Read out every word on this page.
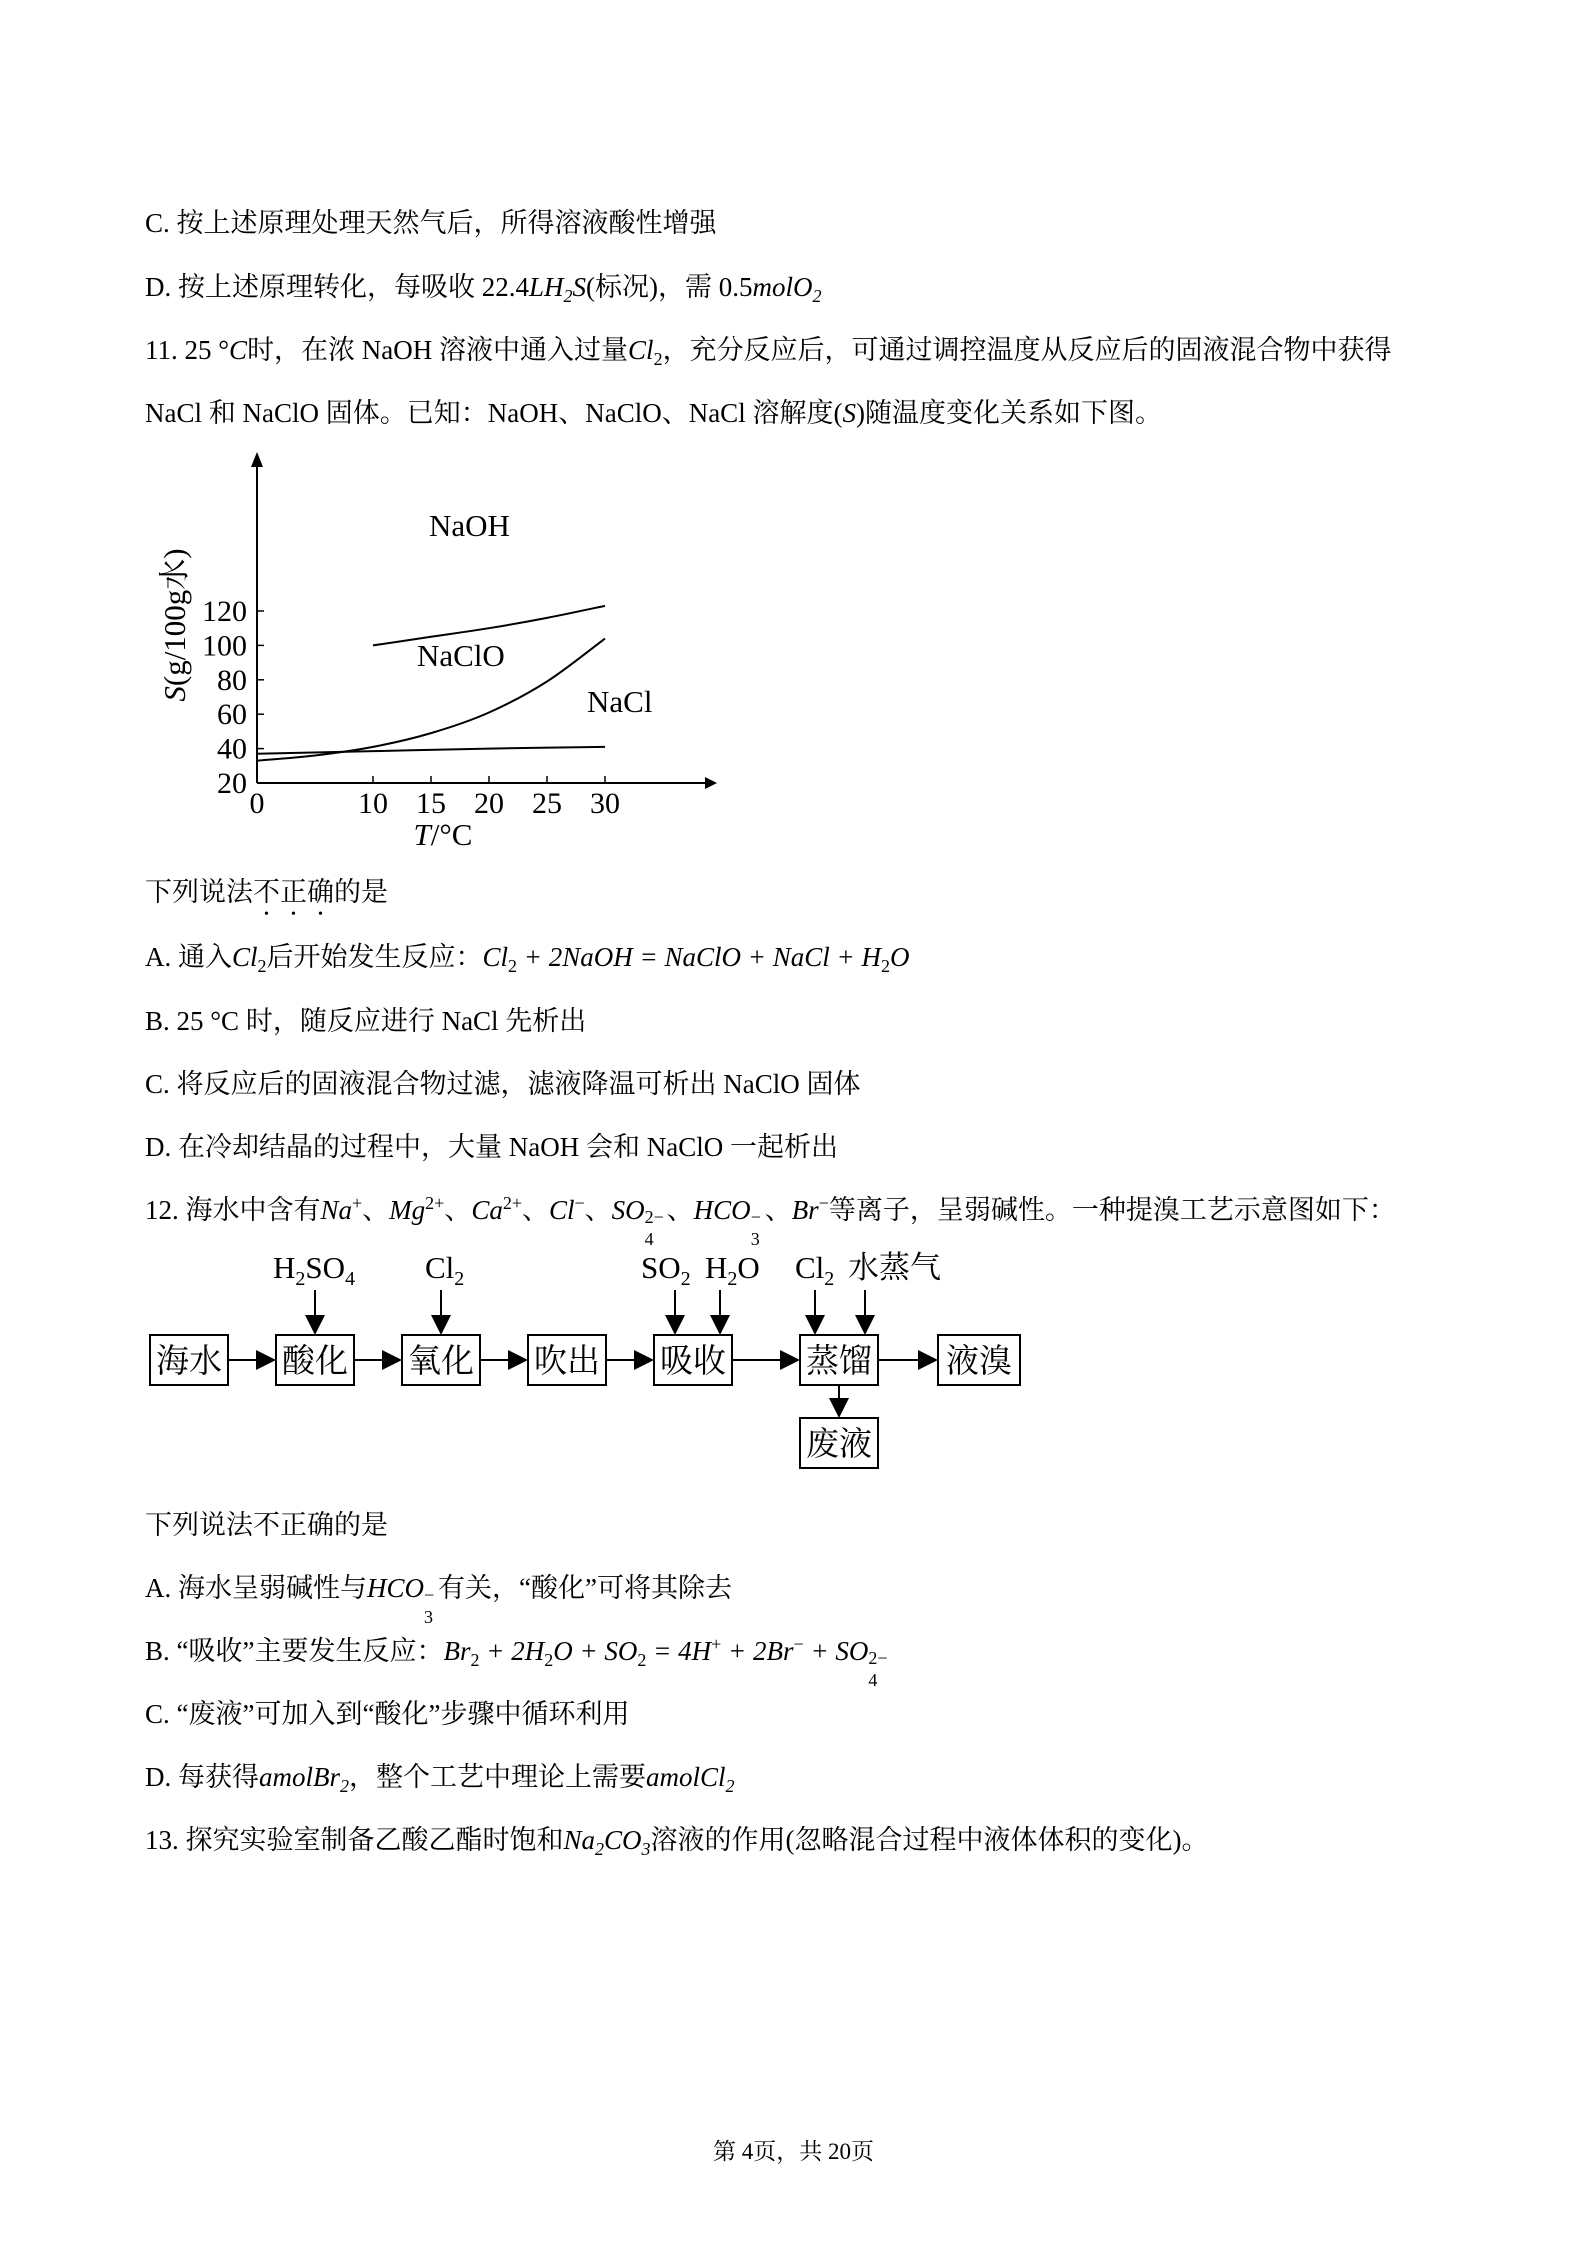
C. 按上述原理处理天然气后，所得溶液酸性增强
D. 按上述原理转化，每吸收 $22.4LH_2S$(标况)，需 0.5molO$_2$
11. 25 °C时，在浓 NaOH 溶液中通入过量$Cl_2$，充分反应后，可通过调控温度从反应后的固液混合物中获得
NaCl 和 NaClO 固体。已知：NaOH、NaClO、NaCl 溶解度(S)随温度变化关系如下图。
0	10 15 20 25 30
20
40
60
80
100
120
NaOH
NaClO
NaCl
T/°C
S(g/100g水)
下列说法不正确的是
A. 通入$Cl_2$后开始发生反应：$Cl_2$ + 2NaOH = NaClO + NaCl + $H_2O$
B. 25 °C 时，随反应进行 NaCl 先析出
C. 将反应后的固液混合物过滤，滤液降温可析出 NaClO 固体
D. 在冷却结晶的过程中，大量 NaOH 会和 NaClO 一起析出
12. 海水中含有Na+、$Mg^{2+}$、$Ca^{2+}$、Cl−、SO 2−
4
、HCO −
3
、Br−等离子，呈弱碱性。一种提溴工艺示意图如下：
海水 酸化 氧化 吹出 吸收 蒸馏 液溴
废液
$H_2SO_4$ $Cl_2$	$SO_2$ $H_2O$ $Cl_2$ 水蒸气
下列说法不正确的是
A. 海水呈弱碱性与HCO −
3
有关，“酸化”可将其除去
B. “吸收”主要发生反应：$Br_2 + 2H_2O + SO_2 = 4H^+ + 2Br^-$ + SO 2−
4
C. “废液”可加入到“酸化”步骤中循环利用
D. 每获得amolBr$_2$，整个工艺中理论上需要amolCl$_2$
13. 探究实验室制备乙酸乙酯时饱和$Na_2CO_3$溶液的作用(忽略混合过程中液体体积的变化)。
第 4页，共 20页
